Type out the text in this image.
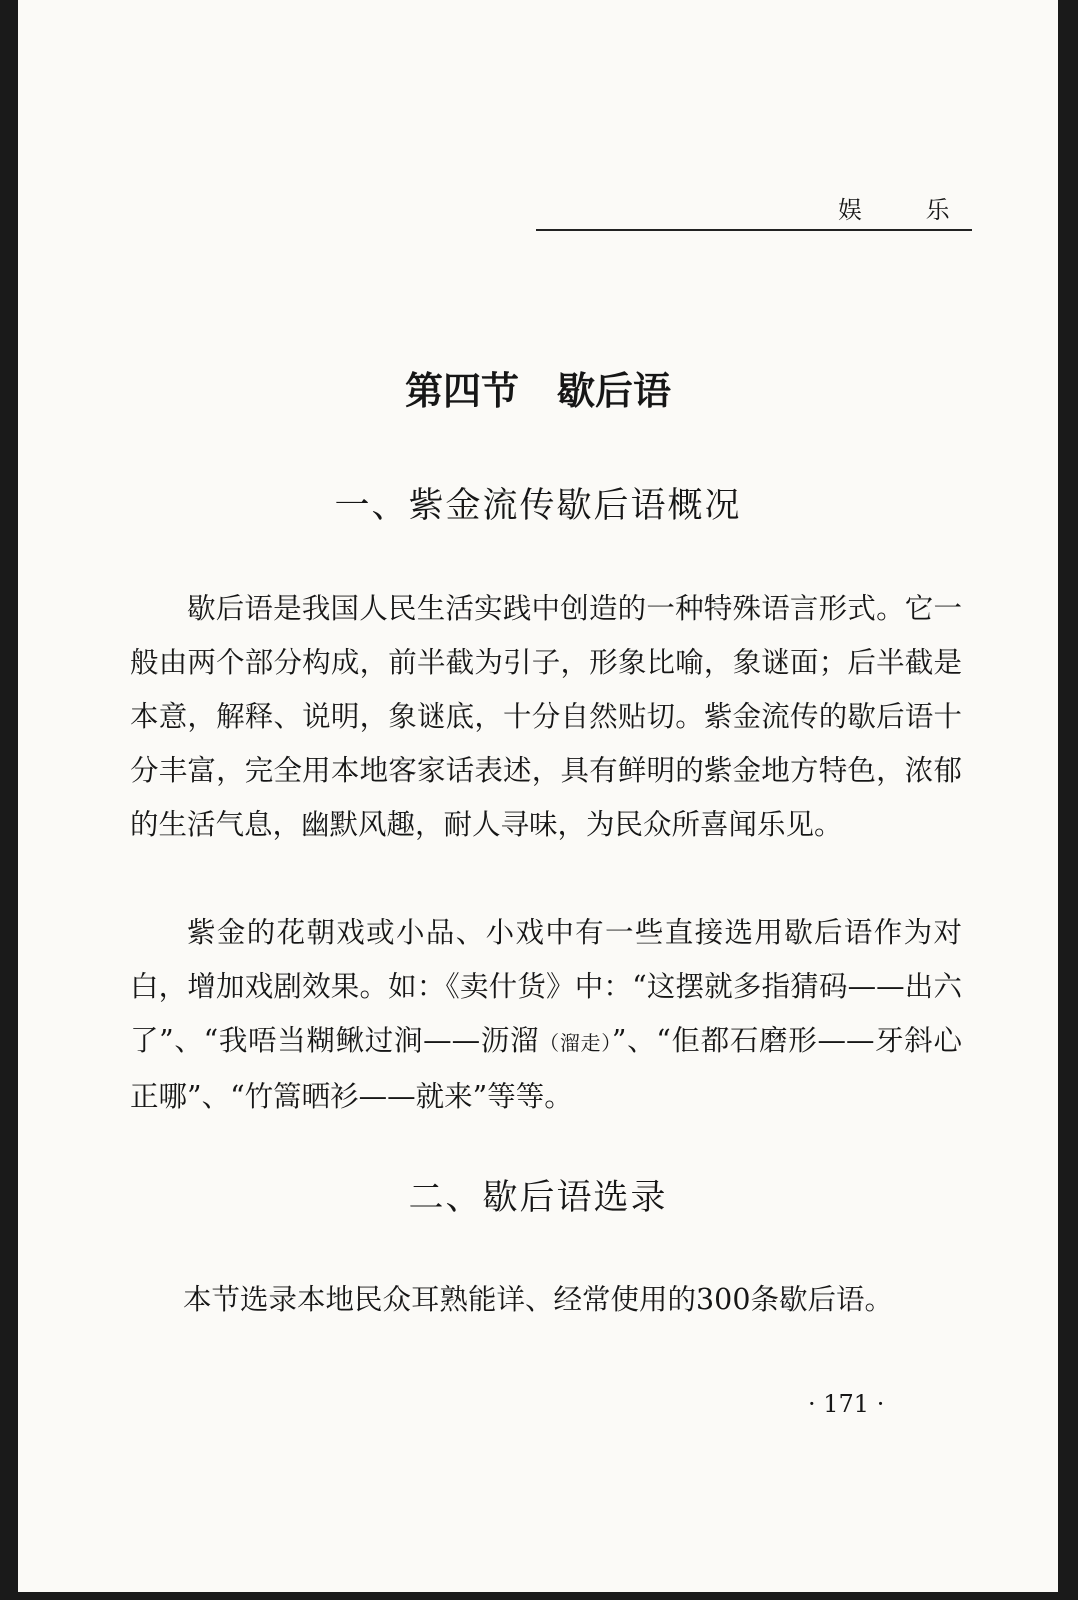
娱 乐
第四节　歇后语
一、紫金流传歇后语概况

歇后语是我国人民生活实践中创造的一种特殊语言形式。它一般由两个部分构成，前半截为引子，形象比喻，象谜面；后半截是本意，解释、说明，象谜底，十分自然贴切。紫金流传的歇后语十分丰富，完全用本地客家话表述，具有鲜明的紫金地方特色，浓郁的生活气息，幽默风趣，耐人寻味，为民众所喜闻乐见。

紫金的花朝戏或小品、小戏中有一些直接选用歇后语作为对白，增加戏剧效果。如：《卖什货》中：“这摆就多指猜码——出六了”、“我唔当糊鳅过涧——沥溜（溜走）”、“佢都石磨形——牙斜心正哪”、“竹篙晒衫——就来”等等。

二、歇后语选录
本节选录本地民众耳熟能详、经常使用的300条歇后语。
· 171 ·
